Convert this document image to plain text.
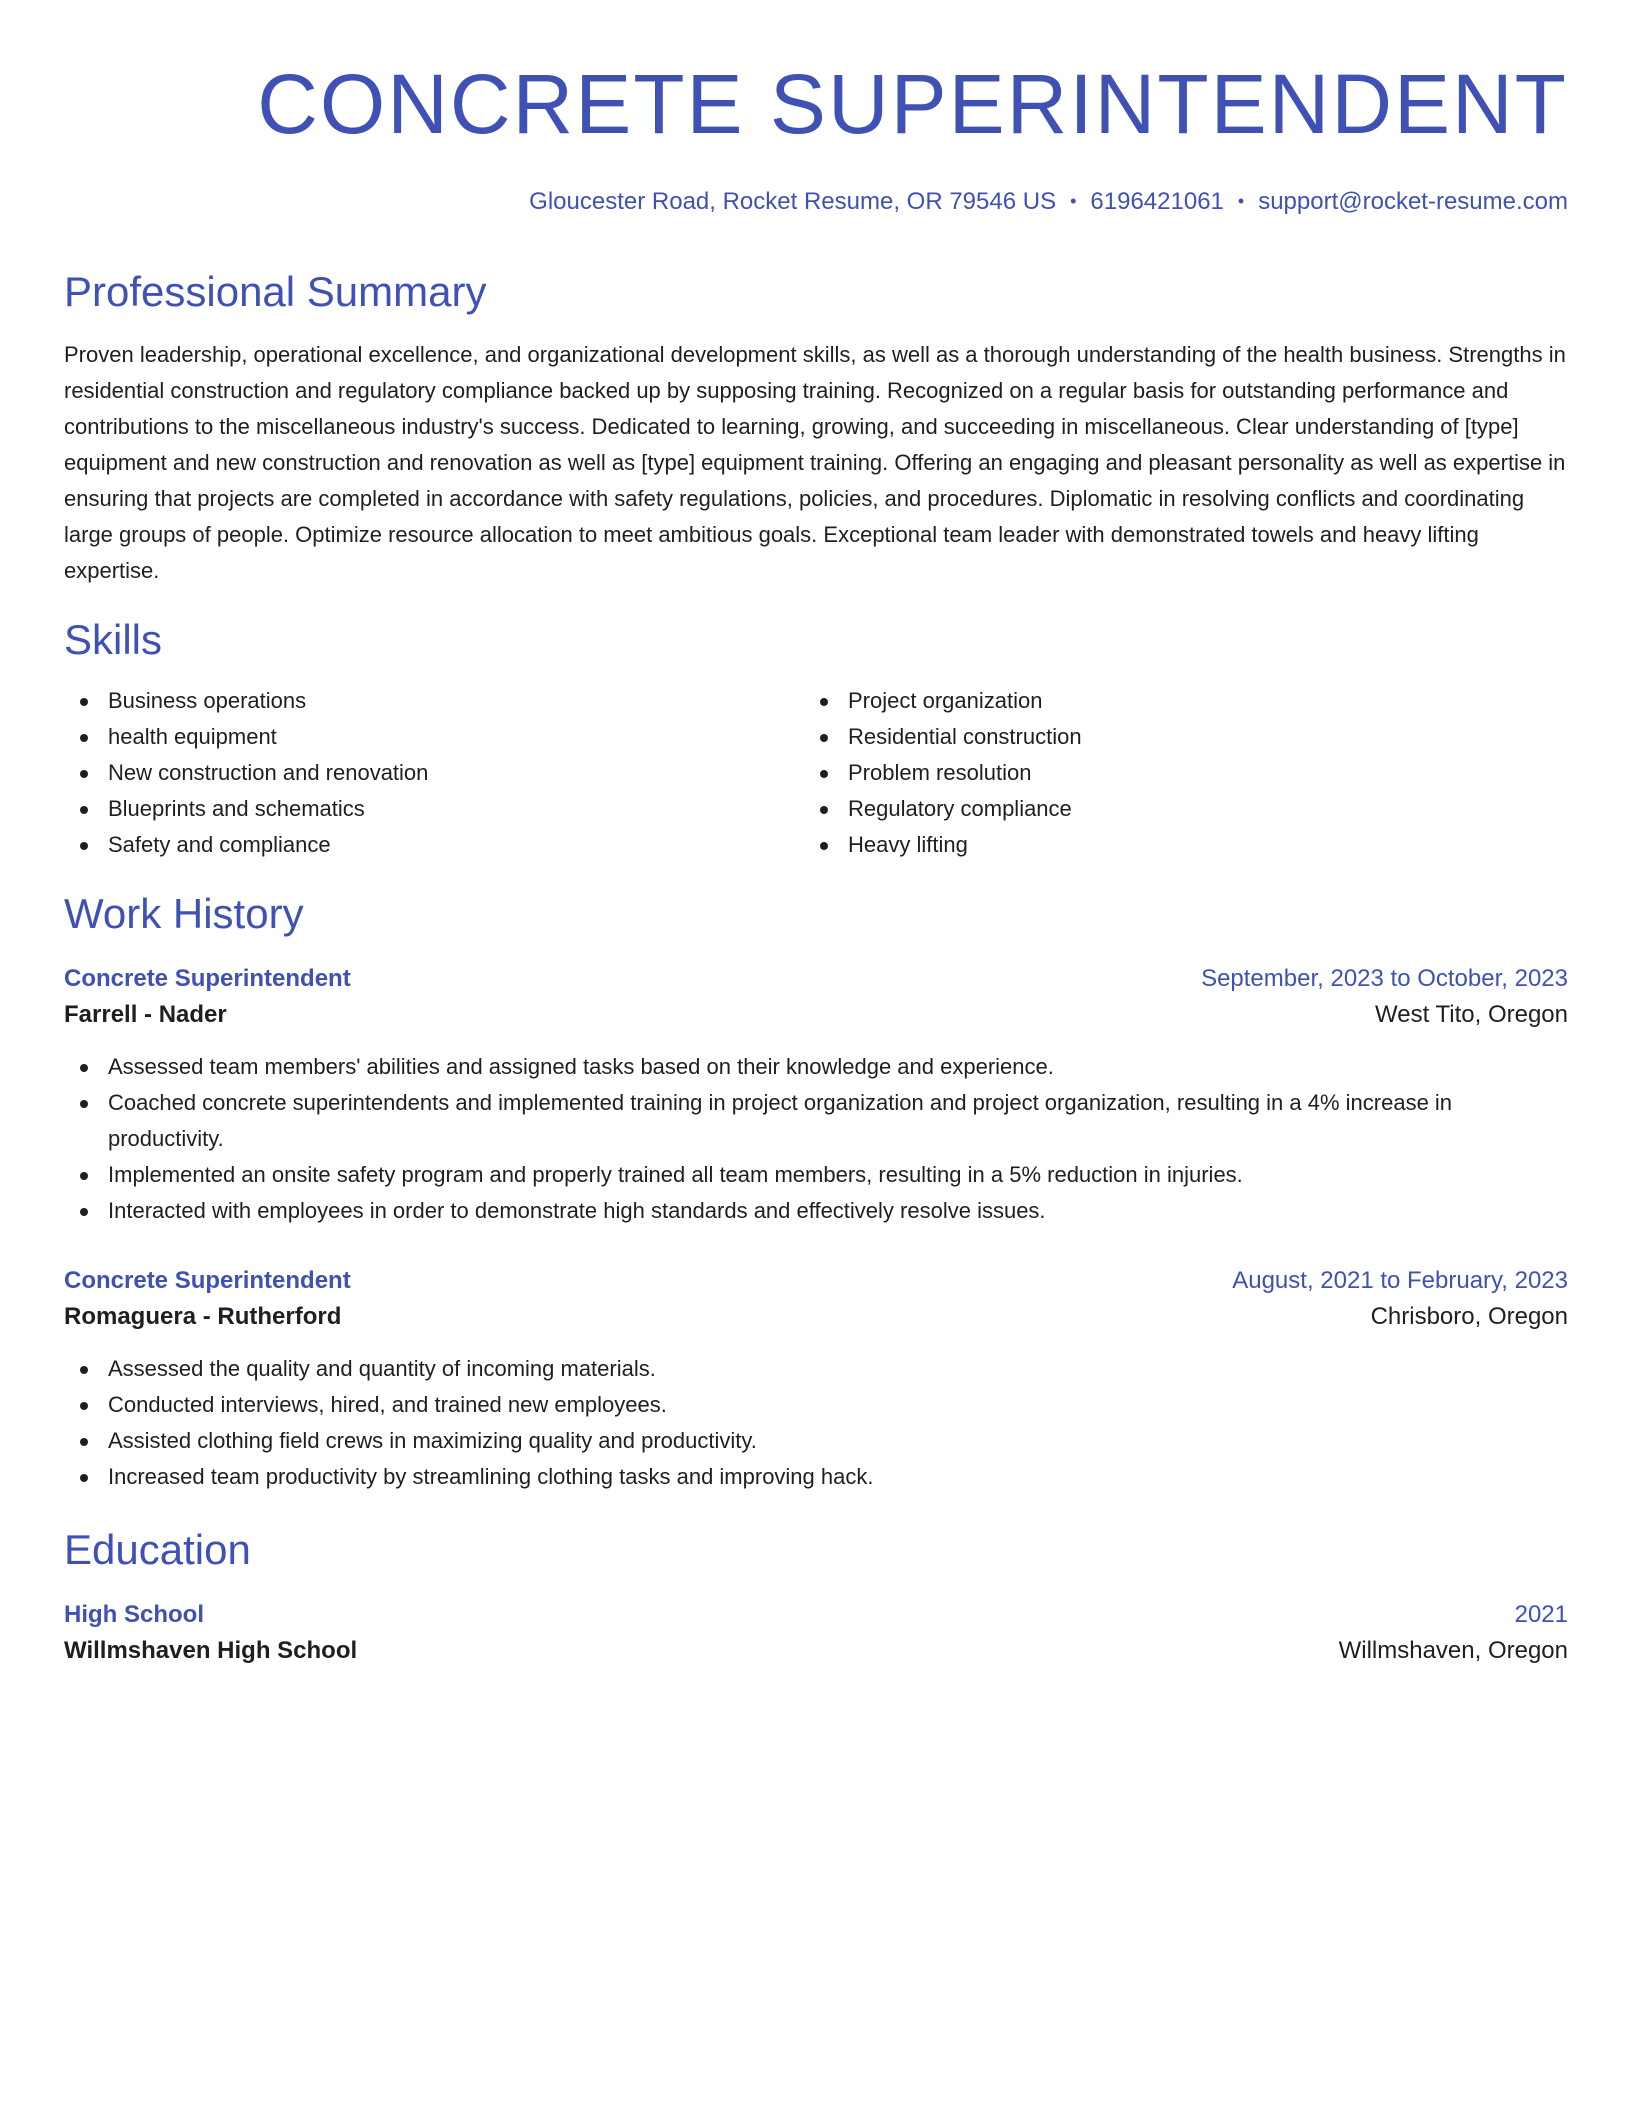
CONCRETE SUPERINTENDENT
Gloucester Road, Rocket Resume, OR 79546 US • 6196421061 • support@rocket-resume.com
Professional Summary

Proven leadership, operational excellence, and organizational development skills, as well as a thorough understanding of the health business. Strengths in residential construction and regulatory compliance backed up by supposing training. Recognized on a regular basis for outstanding performance and contributions to the miscellaneous industry's success. Dedicated to learning, growing, and succeeding in miscellaneous. Clear understanding of [type] equipment and new construction and renovation as well as [type] equipment training. Offering an engaging and pleasant personality as well as expertise in ensuring that projects are completed in accordance with safety regulations, policies, and procedures. Diplomatic in resolving conflicts and coordinating large groups of people. Optimize resource allocation to meet ambitious goals. Exceptional team leader with demonstrated towels and heavy lifting expertise.

Skills
Business operations
health equipment
New construction and renovation
Blueprints and schematics
Safety and compliance
Project organization
Residential construction
Problem resolution
Regulatory compliance
Heavy lifting
Work History
Concrete Superintendent	September, 2023 to October, 2023
Farrell - Nader	West Tito, Oregon
Assessed team members' abilities and assigned tasks based on their knowledge and experience.
Coached concrete superintendents and implemented training in project organization and project organization, resulting in a 4% increase in productivity.
Implemented an onsite safety program and properly trained all team members, resulting in a 5% reduction in injuries.
Interacted with employees in order to demonstrate high standards and effectively resolve issues.
Concrete Superintendent	August, 2021 to February, 2023
Romaguera - Rutherford	Chrisboro, Oregon
Assessed the quality and quantity of incoming materials.
Conducted interviews, hired, and trained new employees.
Assisted clothing field crews in maximizing quality and productivity.
Increased team productivity by streamlining clothing tasks and improving hack.
Education
High School	2021
Willmshaven High School	Willmshaven, Oregon
